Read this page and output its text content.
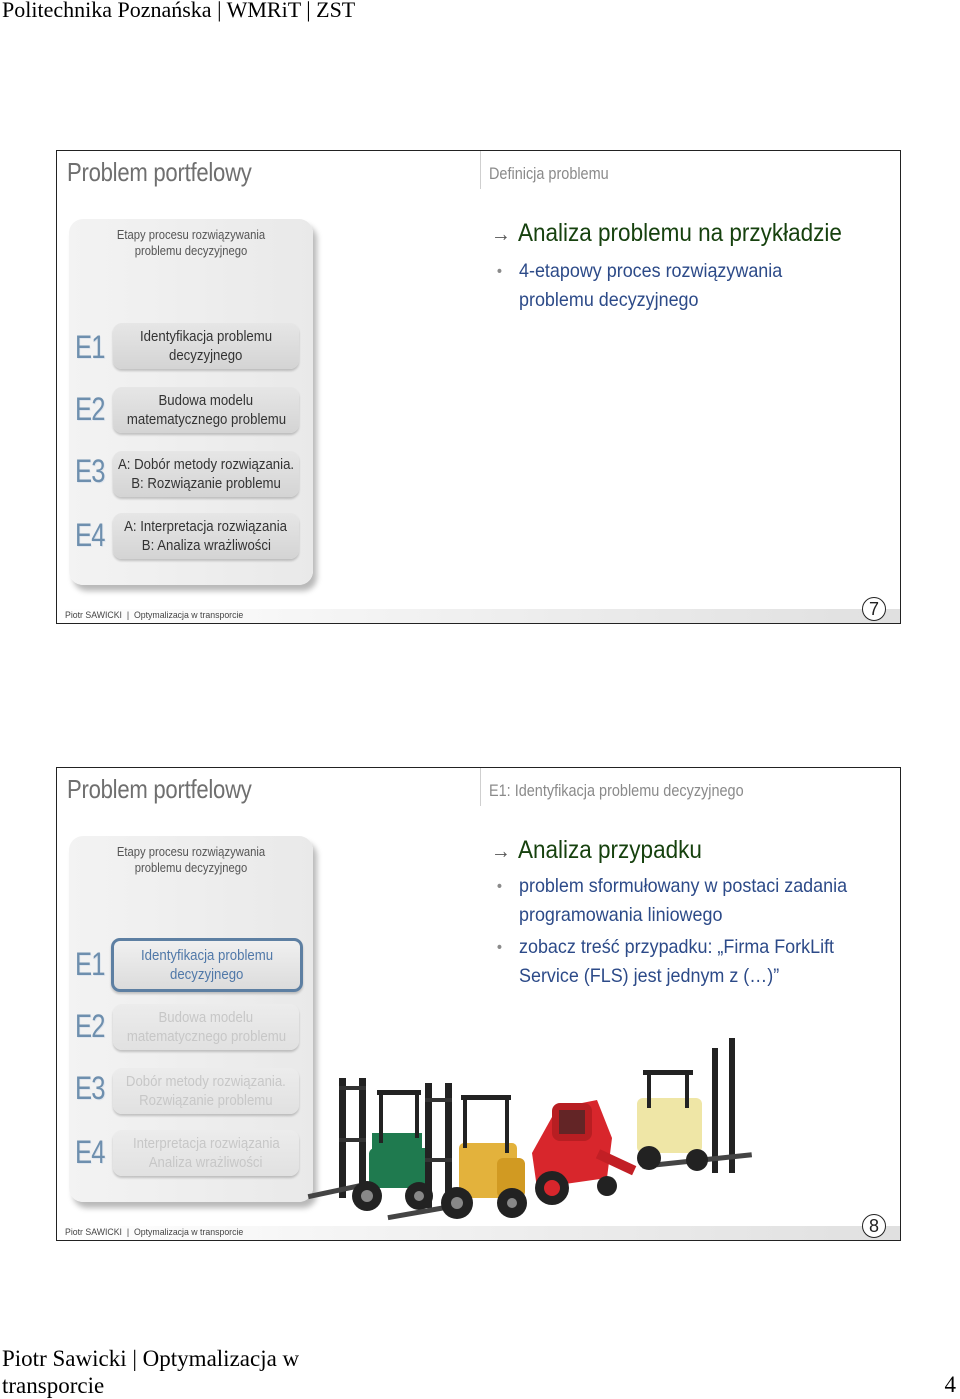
Politechnika Poznańska | WMRiT | ZST
Problem portfelowy	Definicja problemu
Etapy procesu rozwiązywania
problemu decyzyjnego
E1 Identyfikacja problemu
decyzyjnego
E2	Budowa modelu
matematycznego problemu
E3 A: Dobór metody rozwiązania.
B: Rozwiązanie problemu
E4 A: Interpretacja rozwiązania
B: Analiza wrażliwości
→ Analiza problemu na przykładzie
• 4-etapowy proces rozwiązywania
problemu decyzyjnego
Piotr SAWICKI  |  Optymalizacja w transporcie	7
Problem portfelowy	E1: Identyfikacja problemu decyzyjnego
Etapy procesu rozwiązywania
problemu decyzyjnego
E1 Identyfikacja problemu
decyzyjnego
E2	Budowa modelu
matematycznego problemu
E3 Dobór metody rozwiązania.
Rozwiązanie problemu
E4 Interpretacja rozwiązania
Analiza wrażliwości
→ Analiza przypadku
• problem sformułowany w postaci zadania
programowania liniowego
• zobacz treść przypadku: „Firma ForkLift
Service (FLS) jest jednym z (…)”
Piotr SAWICKI  |  Optymalizacja w transporcie	8
Piotr Sawicki | Optymalizacja w transporcie	4
